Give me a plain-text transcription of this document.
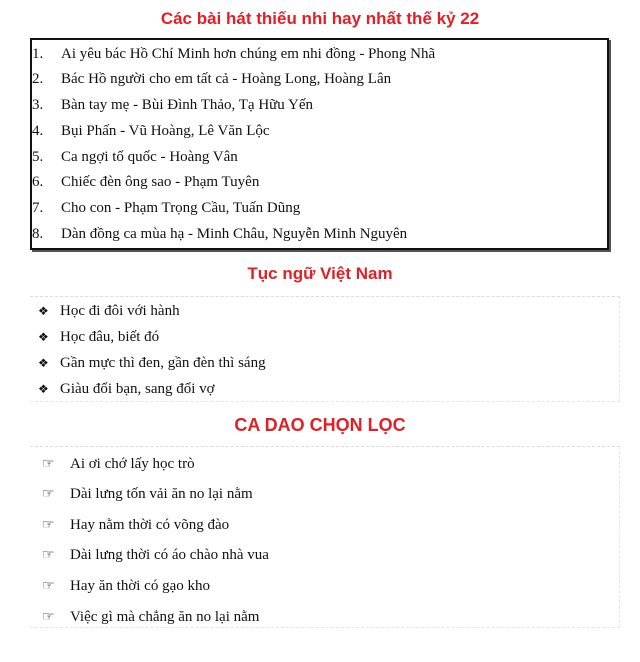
Các bài hát thiếu nhi hay nhất thế kỷ 22
1.	Ai yêu bác Hồ Chí Minh hơn chúng em nhi đồng - Phong Nhã
2.	Bác Hồ người cho em tất cả - Hoàng Long, Hoàng Lân
3.	Bàn tay mẹ - Bùi Đình Thảo, Tạ Hữu Yến
4.	Bụi Phấn - Vũ Hoàng, Lê Văn Lộc
5.	Ca ngợi tổ quốc - Hoàng Vân
6.	Chiếc đèn ông sao - Phạm Tuyên
7.	Cho con - Phạm Trọng Cầu, Tuấn Dũng
8.	Dàn đồng ca mùa hạ - Minh Châu, Nguyễn Minh Nguyên
Tục ngữ Việt Nam
❖ Học đi đôi với hành
❖ Học đâu, biết đó
❖ Gần mực thì đen, gần đèn thì sáng
❖ Giàu đổi bạn, sang đổi vợ
CA DAO CHỌN LỌC
☞ Ai ơi chớ lấy học trò
☞ Dài lưng tốn vải ăn no lại nằm
☞ Hay nằm thời có võng đào
☞ Dài lưng thời có áo chào nhà vua
☞ Hay ăn thời có gạo kho
☞ Việc gì mà chẳng ăn no lại nằm
